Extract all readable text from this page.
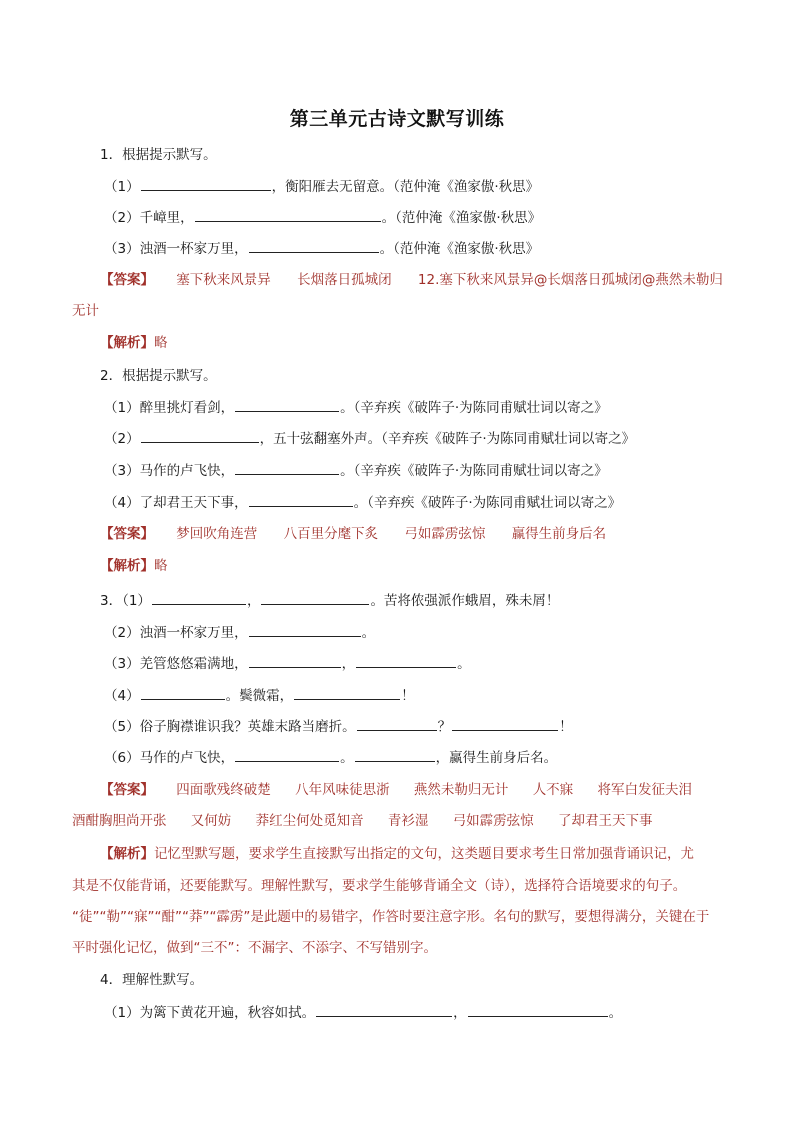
第三单元古诗文默写训练
1．根据提示默写。
（1）	，衡阳雁去无留意。（范仲淹《渔家傲·秋思》
（2）千嶂里，	。（范仲淹《渔家傲·秋思》
（3）浊酒一杯家万里，	。（范仲淹《渔家傲·秋思》
【答案】 塞下秋来风景异 长烟落日孤城闭 12.塞下秋来风景异@长烟落日孤城闭@燕然未勒归
无计
【解析】略
2．根据提示默写。
（1）醉里挑灯看剑，	。（辛弃疾《破阵子·为陈同甫赋壮词以寄之》
（2）	，五十弦翻塞外声。（辛弃疾《破阵子·为陈同甫赋壮词以寄之》
（3）马作的卢飞快，	。（辛弃疾《破阵子·为陈同甫赋壮词以寄之》
（4）了却君王天下事，	。（辛弃疾《破阵子·为陈同甫赋壮词以寄之》
【答案】 梦回吹角连营 八百里分麾下炙 弓如霹雳弦惊 赢得生前身后名
【解析】略
3．（1）	，	。苦将侬强派作蛾眉，殊未屑！
（2）浊酒一杯家万里，	。
（3）羌管悠悠霜满地，	，	。
（4）	。鬓微霜，	！
（5）俗子胸襟谁识我？英雄末路当磨折。	？	！
（6）马作的卢飞快，	。	，赢得生前身后名。
【答案】 四面歌残终破楚 八年风味徒思浙 燕然未勒归无计 人不寐 将军白发征夫泪
酒酣胸胆尚开张 又何妨 莽红尘何处觅知音 青衫湿 弓如霹雳弦惊 了却君王天下事
【解析】记忆型默写题，要求学生直接默写出指定的文句，这类题目要求考生日常加强背诵识记，尤
其是不仅能背诵，还要能默写。理解性默写，要求学生能够背诵全文（诗），选择符合语境要求的句子。
“徒”“勒”“寐”“酣”“莽”“霹雳”是此题中的易错字，作答时要注意字形。名句的默写，要想得满分，关键在于
平时强化记忆，做到“三不”：不漏字、不添字、不写错别字。
4．理解性默写。
（1）为篱下黄花开遍，秋容如拭。	，	。
